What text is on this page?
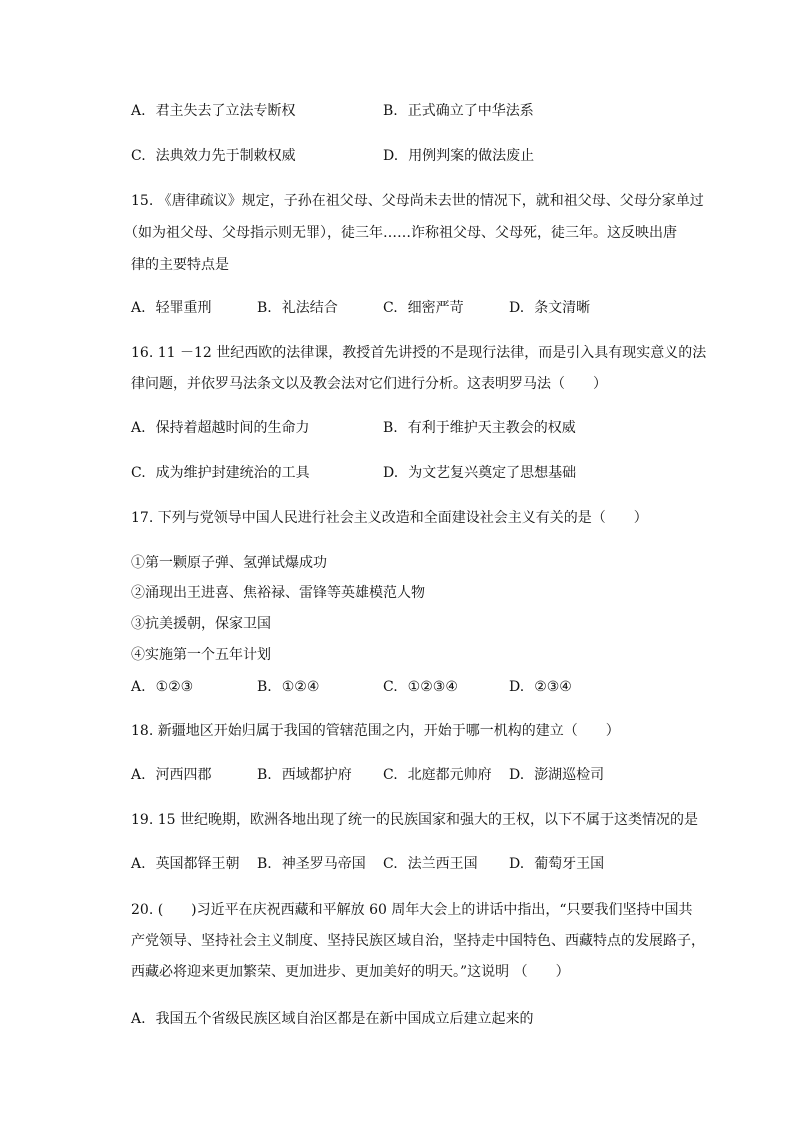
A. 君主失去了立法专断权	B. 正式确立了中华法系
C. 法典效力先于制敕权威	D. 用例判案的做法废止
15. 《唐律疏议》规定，子孙在祖父母、父母尚未去世的情况下，就和祖父母、父母分家单过
（如为祖父母、父母指示则无罪），徒三年……诈称祖父母、父母死，徒三年。这反映出唐
律的主要特点是
A. 轻罪重刑	B. 礼法结合	C. 细密严苛	D. 条文清晰
16. 11 －12 世纪西欧的法律课，教授首先讲授的不是现行法律，而是引入具有现实意义的法
律问题，并依罗马法条文以及教会法对它们进行分析。这表明罗马法（　　）
A. 保持着超越时间的生命力	B. 有利于维护天主教会的权威
C. 成为维护封建统治的工具	D. 为文艺复兴奠定了思想基础
17. 下列与党领导中国人民进行社会主义改造和全面建设社会主义有关的是（　　）
①第一颗原子弹、氢弹试爆成功
②涌现出王进喜、焦裕禄、雷锋等英雄模范人物
③抗美援朝，保家卫国
④实施第一个五年计划
A. ①②③	B. ①②④	C. ①②③④	D. ②③④
18. 新疆地区开始归属于我国的管辖范围之内，开始于哪一机构的建立（　　）
A. 河西四郡	B. 西域都护府 C. 北庭都元帅府 D. 澎湖巡检司
19. 15 世纪晚期，欧洲各地出现了统一的民族国家和强大的王权，以下不属于这类情况的是
A. 英国都铎王朝 B. 神圣罗马帝国 C. 法兰西王国 D. 葡萄牙王国
20. (　　)习近平在庆祝西藏和平解放 60 周年大会上的讲话中指出，“只要我们坚持中国共
产党领导、坚持社会主义制度、坚持民族区域自治，坚持走中国特色、西藏特点的发展路子，
西藏必将迎来更加繁荣、更加进步、更加美好的明天。”这说明 （　　）
A. 我国五个省级民族区域自治区都是在新中国成立后建立起来的
